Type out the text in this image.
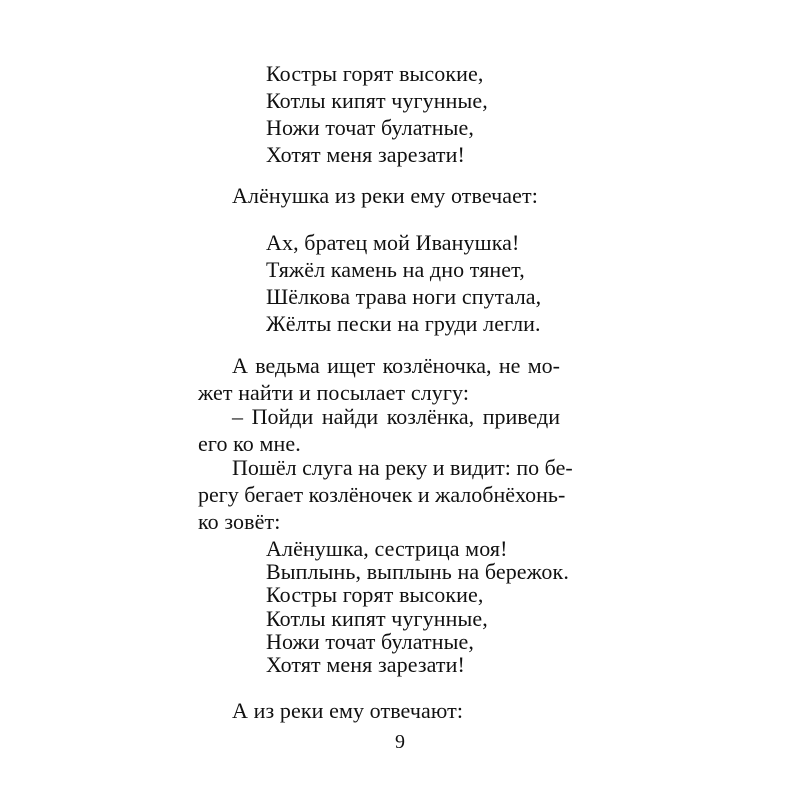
Костры горят высокие,
Котлы кипят чугунные,
Ножи точат булатные,
Хотят меня зарезати!
Алёнушка из реки ему отвечает:
Ах, братец мой Иванушка!
Тяжёл камень на дно тянет,
Шёлкова трава ноги спутала,
Жёлты пески на груди легли.
А ведьма ищет козлёночка, не мо-
жет найти и посылает слугу:
– Пойди найди козлёнка, приведи
его ко мне.
Пошёл слуга на реку и видит: по бе-
регу бегает козлёночек и жалобнёхонь-
ко зовёт:
Алёнушка, сестрица моя!
Выплынь, выплынь на бережок.
Костры горят высокие,
Котлы кипят чугунные,
Ножи точат булатные,
Хотят меня зарезати!
А из реки ему отвечают:
9
